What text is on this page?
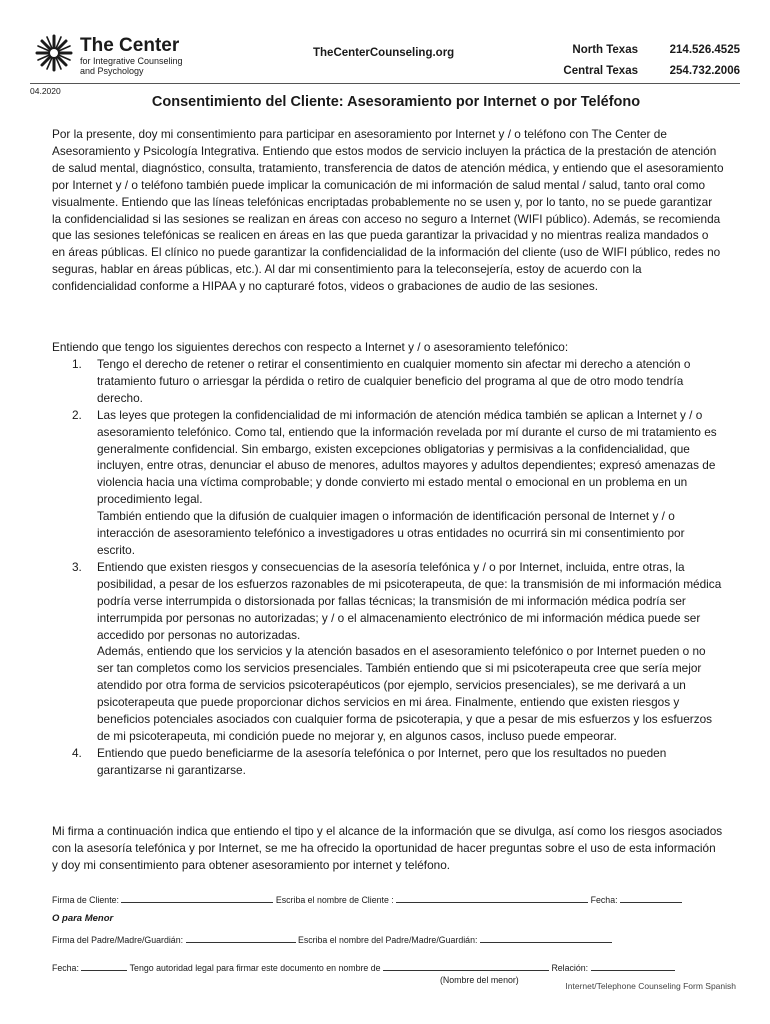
The Center
for Integrative Counseling
and Psychology
TheCenterCounseling.org	North Texas	214.526.4525
Central Texas	254.732.2006
04.2020
Consentimiento del Cliente: Asesoramiento por Internet o por Teléfono

Por la presente, doy mi consentimiento para participar en asesoramiento por Internet y / o teléfono con The Center de Asesoramiento y Psicología Integrativa. Entiendo que estos modos de servicio incluyen la práctica de la prestación de atención de salud mental, diagnóstico, consulta, tratamiento, transferencia de datos de atención médica, y entiendo que el asesoramiento por Internet y / o teléfono también puede implicar la comunicación de mi información de salud mental / salud, tanto oral como visualmente. Entiendo que las líneas telefónicas encriptadas probablemente no se usen y, por lo tanto, no se puede garantizar la confidencialidad si las sesiones se realizan en áreas con acceso no seguro a Internet (WIFI público). Además, se recomienda que las sesiones telefónicas se realicen en áreas en las que pueda garantizar la privacidad y no mientras realiza mandados o en áreas públicas. El clínico no puede garantizar la confidencialidad de la información del cliente (uso de WIFI público, redes no seguras, hablar en áreas públicas, etc.). Al dar mi consentimiento para la teleconsejería, estoy de acuerdo con la confidencialidad conforme a HIPAA y no capturaré fotos, videos o grabaciones de audio de las sesiones.

Entiendo que tengo los siguientes derechos con respecto a Internet y / o asesoramiento telefónico:

1. Tengo el derecho de retener o retirar el consentimiento en cualquier momento sin afectar mi derecho a atención o tratamiento futuro o arriesgar la pérdida o retiro de cualquier beneficio del programa al que de otro modo tendría derecho.

2. Las leyes que protegen la confidencialidad de mi información de atención médica también se aplican a Internet y / o asesoramiento telefónico. Como tal, entiendo que la información revelada por mí durante el curso de mi tratamiento es generalmente confidencial. Sin embargo, existen excepciones obligatorias y permisivas a la confidencialidad, que incluyen, entre otras, denunciar el abuso de menores, adultos mayores y adultos dependientes; expresó amenazas de violencia hacia una víctima comprobable; y donde convierto mi estado mental o emocional en un problema en un procedimiento legal.

También entiendo que la difusión de cualquier imagen o información de identificación personal de Internet y / o interacción de asesoramiento telefónico a investigadores u otras entidades no ocurrirá sin mi consentimiento por escrito.

3. Entiendo que existen riesgos y consecuencias de la asesoría telefónica y / o por Internet, incluida, entre otras, la posibilidad, a pesar de los esfuerzos razonables de mi psicoterapeuta, de que: la transmisión de mi información médica podría verse interrumpida o distorsionada por fallas técnicas; la transmisión de mi información médica podría ser interrumpida por personas no autorizadas; y / o el almacenamiento electrónico de mi información médica puede ser accedido por personas no autorizadas.

Además, entiendo que los servicios y la atención basados en el asesoramiento telefónico o por Internet pueden o no ser tan completos como los servicios presenciales. También entiendo que si mi psicoterapeuta cree que sería mejor atendido por otra forma de servicios psicoterapéuticos (por ejemplo, servicios presenciales), se me derivará a un psicoterapeuta que puede proporcionar dichos servicios en mi área. Finalmente, entiendo que existen riesgos y beneficios potenciales asociados con cualquier forma de psicoterapia, y que a pesar de mis esfuerzos y los esfuerzos de mi psicoterapeuta, mi condición puede no mejorar y, en algunos casos, incluso puede empeorar.

4. Entiendo que puedo beneficiarme de la asesoría telefónica o por Internet, pero que los resultados no pueden garantizarse ni garantizarse.

Mi firma a continuación indica que entiendo el tipo y el alcance de la información que se divulga, así como los riesgos asociados con la asesoría telefónica y por Internet, se me ha ofrecido la oportunidad de hacer preguntas sobre el uso de esta información y doy mi consentimiento para obtener asesoramiento por internet y teléfono.

Firma de Cliente:	Escriba el nombre de Cliente :	Fecha:
O para Menor
Firma del Padre/Madre/Guardián:	Escriba el nombre del Padre/Madre/Guardián:
Fecha:	Tengo autoridad legal para firmar este documento en nombre de	Relación:
(Nombre del menor)
Internet/Telephone Counseling Form Spanish
